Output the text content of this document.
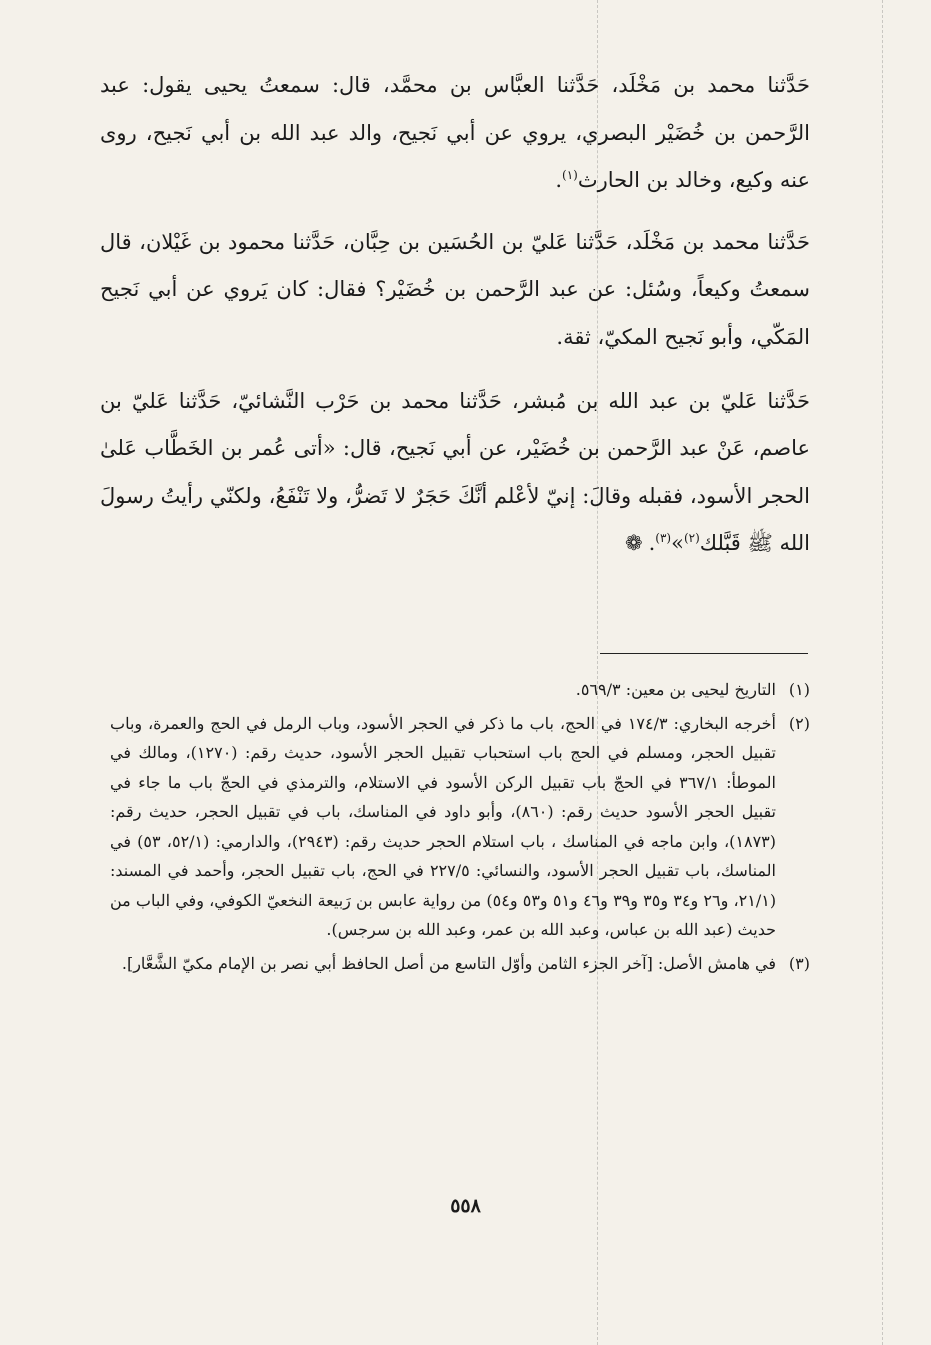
حَدَّثنا محمد بن مَخْلَد، حَدَّثنا العبَّاس بن محمَّد، قال: سمعتُ يحيى يقول: عبد الرَّحمن بن خُضَيْر البصري، يروي عن أبي نَجيح، والد عبد الله بن أبي نَجيح، روى عنه وكيع، وخالد بن الحارث$^{(١)}$.

حَدَّثنا محمد بن مَخْلَد، حَدَّثنا عَليّ بن الحُسَين بن حِبَّان، حَدَّثنا محمود بن غَيْلان، قال سمعتُ وكيعاً، وسُئل: عن عبد الرَّحمن بن خُضَيْر؟ فقال: كان يَروي عن أبي نَجيح المَكّي، وأبو نَجيح المكيّ، ثقة.

حَدَّثنا عَليّ بن عبد الله بن مُبشر، حَدَّثنا محمد بن حَرْب النَّشائيّ، حَدَّثنا عَليّ بن عاصم، عَنْ عبد الرَّحمن بن خُضَيْر، عن أبي نَجيح، قال: «أتى عُمر بن الخَطَّاب عَلىٰ الحجر الأسود، فقبله وقالَ: إنيّ لأعْلم أنَّكَ حَجَرٌ لا تَضرُّ، ولا تَنْفَعُ، ولكنّي رأيتُ رسولَ الله ﷺ قَبَّلك$^{(٢)}$»$^{(٣)}$.❁

(١)
التاريخ ليحيى بن معين: ٥٦٩/٣.
(٢)
أخرجه البخاري: ١٧٤/٣ في الحج، باب ما ذكر في الحجر الأسود، وباب الرمل في الحج والعمرة، وباب تقبيل الحجر، ومسلم في الحج باب استحباب تقبيل الحجر الأسود، حديث رقم: (١٢٧٠)، ومالك في الموطأ: ٣٦٧/١ في الحجّ باب تقبيل الركن الأسود في الاستلام، والترمذي في الحجّ باب ما جاء في تقبيل الحجر الأسود حديث رقم: (٨٦٠)، وأبو داود في المناسك، باب في تقبيل الحجر، حديث رقم: (١٨٧٣)، وابن ماجه في المناسك ، باب استلام الحجر حديث رقم: (٢٩٤٣)، والدارمي: (٥٢/١، ٥٣) في المناسك، باب تقبيل الحجر الأسود، والنسائي: ٢٢٧/٥ في الحج، باب تقبيل الحجر، وأحمد في المسند: (٢١/١، و٢٦ و٣٤ و٣٥ و٣٩ و٤٦ و٥١ و٥٣ و٥٤) من رواية عابس بن رَبيعة النخعيّ الكوفي، وفي الباب من حديث (عبد الله بن عباس، وعبد الله بن عمر، وعبد الله بن سرجس).
(٣)
في هامش الأصل: [آخر الجزء الثامن وأوّل التاسع من أصل الحافظ أبي نصر بن الإمام مكيّ الشَّعَّار].
٥٥٨
